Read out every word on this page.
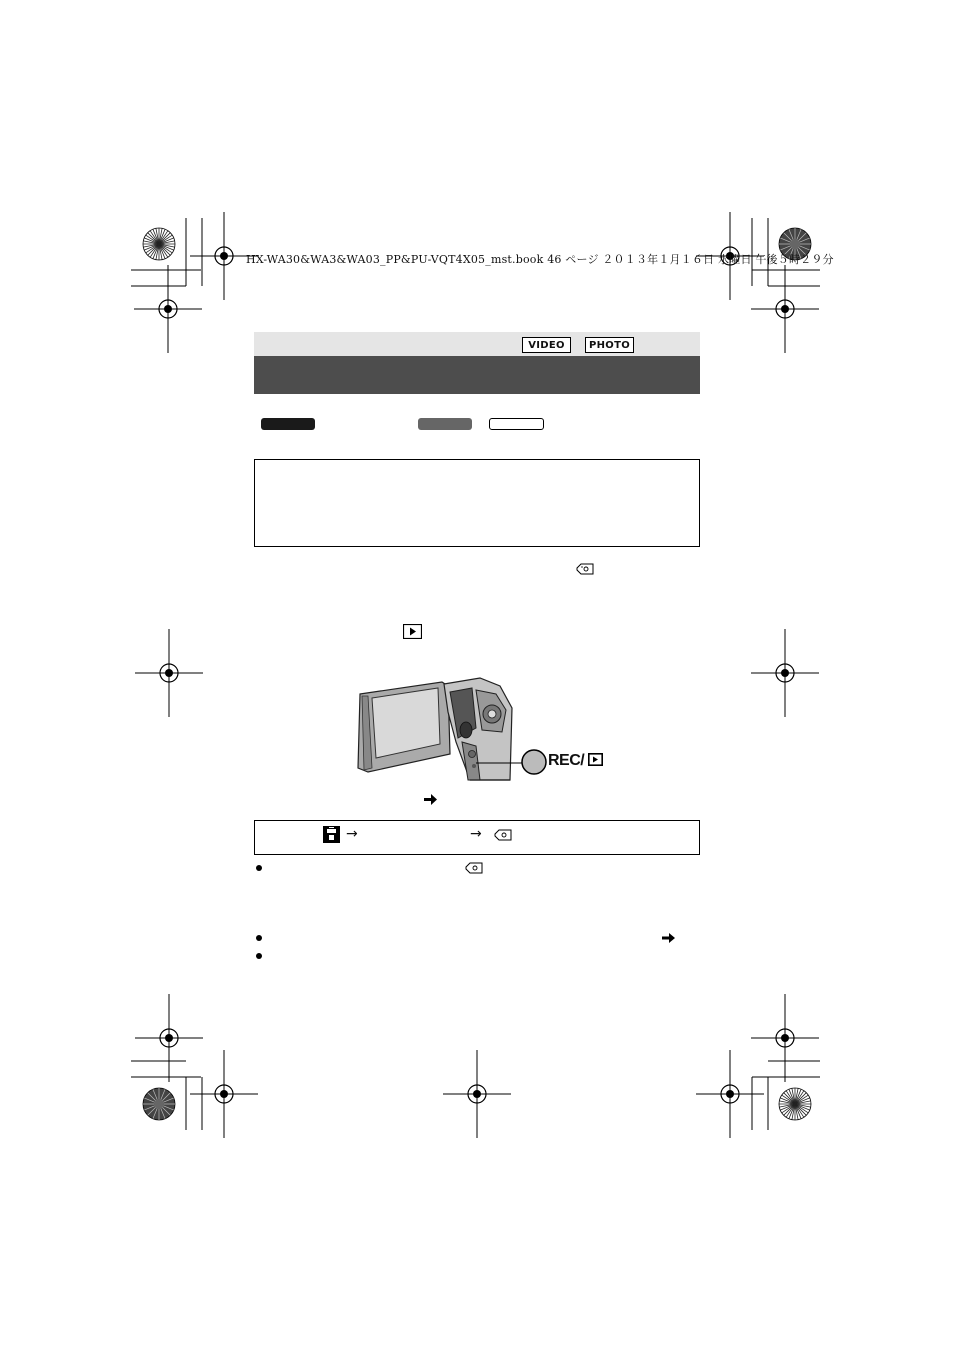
HX-WA30&WA3&WA03_PP&PU-VQT4X05_mst.book 46 ページ ２０１３年１月１６日 水曜日 午後５時２９分
VIDEO	PHOTO
REC/
→	→
